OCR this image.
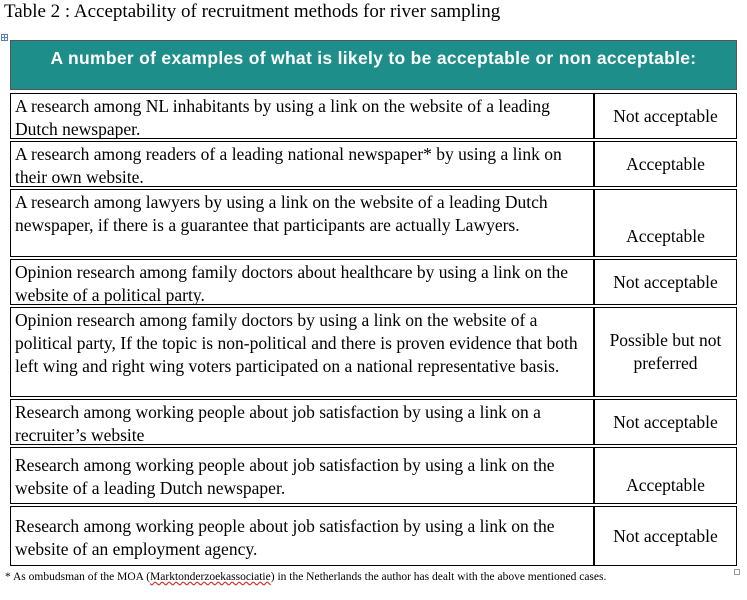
Table 2 : Acceptability of recruitment methods for river sampling
A number of examples of what is likely to be acceptable or non acceptable:
A research among NL inhabitants by using a link on the website of a leading Dutch newspaper.
Not acceptable
A research among readers of a leading national newspaper* by using a link on their own website.
Acceptable
A research among lawyers by using a link on the website of a leading Dutch newspaper, if there is a guarantee that participants are actually Lawyers.
Acceptable
Opinion research among family doctors about healthcare by using a link on the website of a political party.
Not acceptable
Opinion research among family doctors by using a link on the website of a political party, If the topic is non-political and there is proven evidence that both left wing and right wing voters participated on a national representative basis.
Possible but not preferred
Research among working people about job satisfaction by using a link on a recruiter’s website
Not acceptable
Research among working people about job satisfaction by using a link on the website of a leading Dutch newspaper.	Acceptable
Research among working people about job satisfaction by using a link on the website of an employment agency.
Not acceptable
* As ombudsman of the MOA (Marktonderzoekassociatie) in the Netherlands the author has dealt with the above mentioned cases.
